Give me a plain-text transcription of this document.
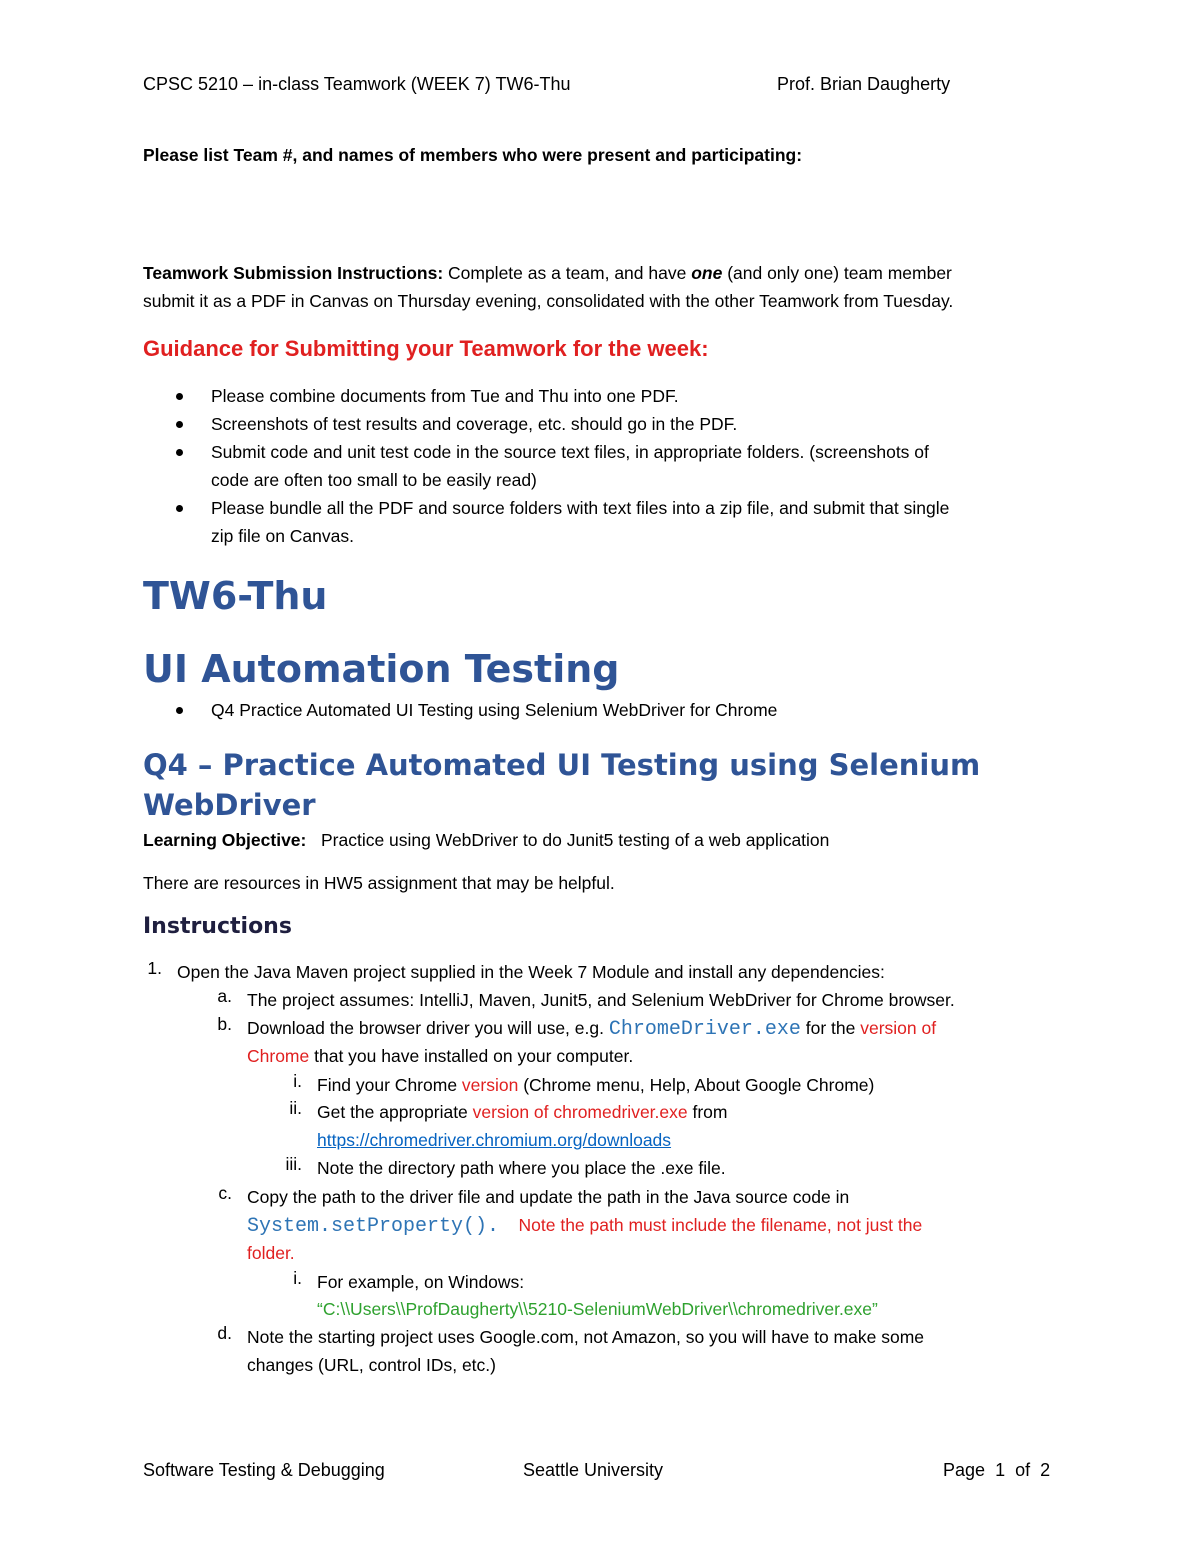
CPSC 5210 – in-class Teamwork (WEEK 7) TW6-Thu	Prof. Brian Daugherty
Please list Team #, and names of members who were present and participating:
Teamwork Submission Instructions: Complete as a team, and have one (and only one) team member
submit it as a PDF in Canvas on Thursday evening, consolidated with the other Teamwork from Tuesday.
Guidance for Submitting your Teamwork for the week:
Please combine documents from Tue and Thu into one PDF.
Screenshots of test results and coverage, etc. should go in the PDF.
Submit code and unit test code in the source text files, in appropriate folders. (screenshots of
code are often too small to be easily read)
Please bundle all the PDF and source folders with text files into a zip file, and submit that single
zip file on Canvas.
TW6-Thu
UI Automation Testing
Q4 Practice Automated UI Testing using Selenium WebDriver for Chrome
Q4 – Practice Automated UI Testing using Selenium
WebDriver
Learning Objective: Practice using WebDriver to do Junit5 testing of a web application
There are resources in HW5 assignment that may be helpful.
Instructions
1. Open the Java Maven project supplied in the Week 7 Module and install any dependencies:
a. The project assumes: IntelliJ, Maven, Junit5, and Selenium WebDriver for Chrome browser.
b. Download the browser driver you will use, e.g. ChromeDriver.exe for the version of
Chrome that you have installed on your computer.
i. Find your Chrome version (Chrome menu, Help, About Google Chrome)
ii. Get the appropriate version of chromedriver.exe from
https://chromedriver.chromium.org/downloads
iii. Note the directory path where you place the .exe file.
c. Copy the path to the driver file and update the path in the Java source code in
System.setProperty(). Note the path must include the filename, not just the
folder.
i. For example, on Windows:
“C:\\Users\\ProfDaugherty\\5210-SeleniumWebDriver\\chromedriver.exe”
d. Note the starting project uses Google.com, not Amazon, so you will have to make some
changes (URL, control IDs, etc.)
Software Testing & Debugging	Seattle University	Page 1 of 2
